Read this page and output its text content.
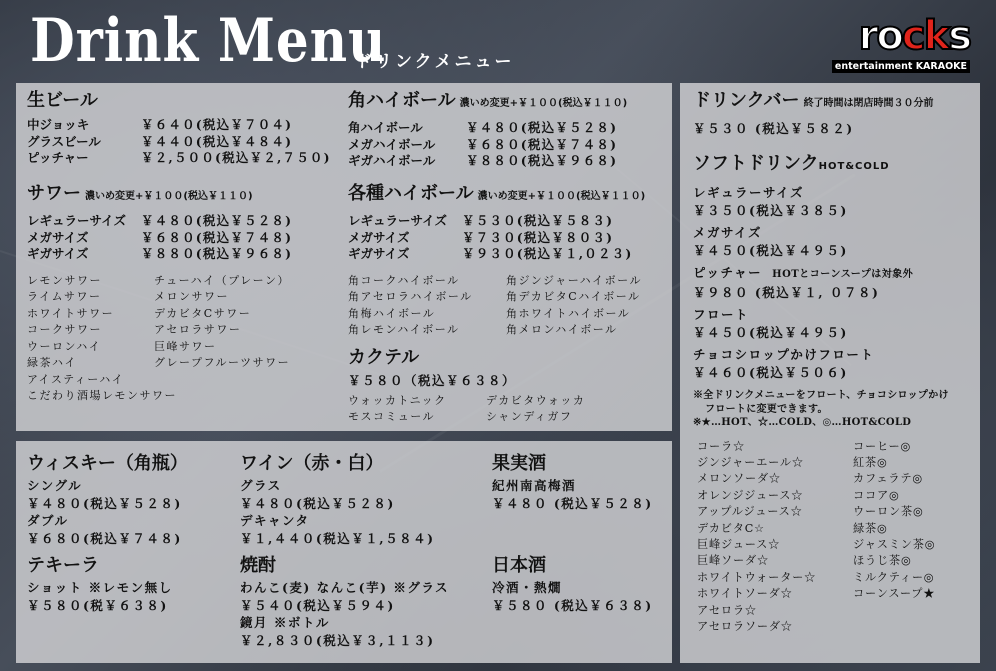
Drink Menu
ドリンクメニュー
rocks
entertainment KARAOKE
生ビール
中ジョッキ	￥６４０(税込￥７０４)
グラスビール	￥４４０(税込￥４８４)
ピッチャー	￥２,５００(税込￥２,７５０)
サワー 濃いめ変更+￥１００(税込￥１１０)
レギュラーサイズ	￥４８０(税込￥５２８)
メガサイズ	￥６８０(税込￥７４８)
ギガサイズ	￥８８０(税込￥９６８)
レモンサワー	チューハイ（プレーン）
ライムサワー	メロンサワー
ホワイトサワー	デカビタCサワー
コークサワー	アセロラサワー
ウーロンハイ	巨峰サワー
緑茶ハイ	グレープフルーツサワー
アイスティーハイ
こだわり酒場レモンサワー
角ハイボール 濃いめ変更+￥１００(税込￥１１０)
角ハイボール	￥４８０(税込￥５２８)
メガハイボール	￥６８０(税込￥７４８)
ギガハイボール	￥８８０(税込￥９６８)
各種ハイボール 濃いめ変更+￥１００(税込￥１１０)
レギュラーサイズ	￥５３０(税込￥５８３)
メガサイズ	￥７３０(税込￥８０３)
ギガサイズ	￥９３０(税込￥１,０２３)
角コークハイボール	角ジンジャーハイボール
角アセロラハイボール	角デカビタCハイボール
角梅ハイボール	角ホワイトハイボール
角レモンハイボール	角メロンハイボール
カクテル
￥５８０（税込￥６３８）
ウォッカトニック	デカビタウォッカ
モスコミュール	シャンディガフ
ウィスキー（角瓶）
シングル
￥４８０(税込￥５２８)
ダブル
￥６８０(税込￥７４８)
ワイン（赤・白）
グラス
￥４８０(税込￥５２８)
デキャンタ
￥１,４４０(税込￥１,５８４)
果実酒
紀州南高梅酒
￥４８０ (税込￥５２８)
テキーラ
ショット ※レモン無し
￥５８０(税￥６３８)
焼酎
わんこ(麦) なんこ(芋) ※グラス
￥５４０(税込￥５９４)
鏡月 ※ボトル
￥２,８３０(税込￥３,１１３)
日本酒
冷酒・熱燗
￥５８０ (税込￥６３８)
ドリンクバー 終了時間は閉店時間３０分前
￥５３０ (税込￥５８２)
ソフトドリンクHOT&COLD
レギュラーサイズ
￥３５０(税込￥３８５)
メガサイズ
￥４５０(税込￥４９５)
ピッチャー HOTとコーンスープは対象外
￥９８０ (税込￥１, ０７８)
フロート
￥４５０(税込￥４９５)
チョコシロップかけフロート
￥４６０(税込￥５０６)
※全ドリンクメニューをフロート、チョコシロップかけ
フロートに変更できます。
※★…HOT、☆…COLD、◎…HOT&COLD
コーラ☆	コーヒー◎
ジンジャーエール☆	紅茶◎
メロンソーダ☆	カフェラテ◎
オレンジジュース☆	ココア◎
アップルジュース☆	ウーロン茶◎
デカビタC☆	緑茶◎
巨峰ジュース☆	ジャスミン茶◎
巨峰ソーダ☆	ほうじ茶◎
ホワイトウォーター☆	ミルクティー◎
ホワイトソーダ☆	コーンスープ★
アセロラ☆
アセロラソーダ☆
